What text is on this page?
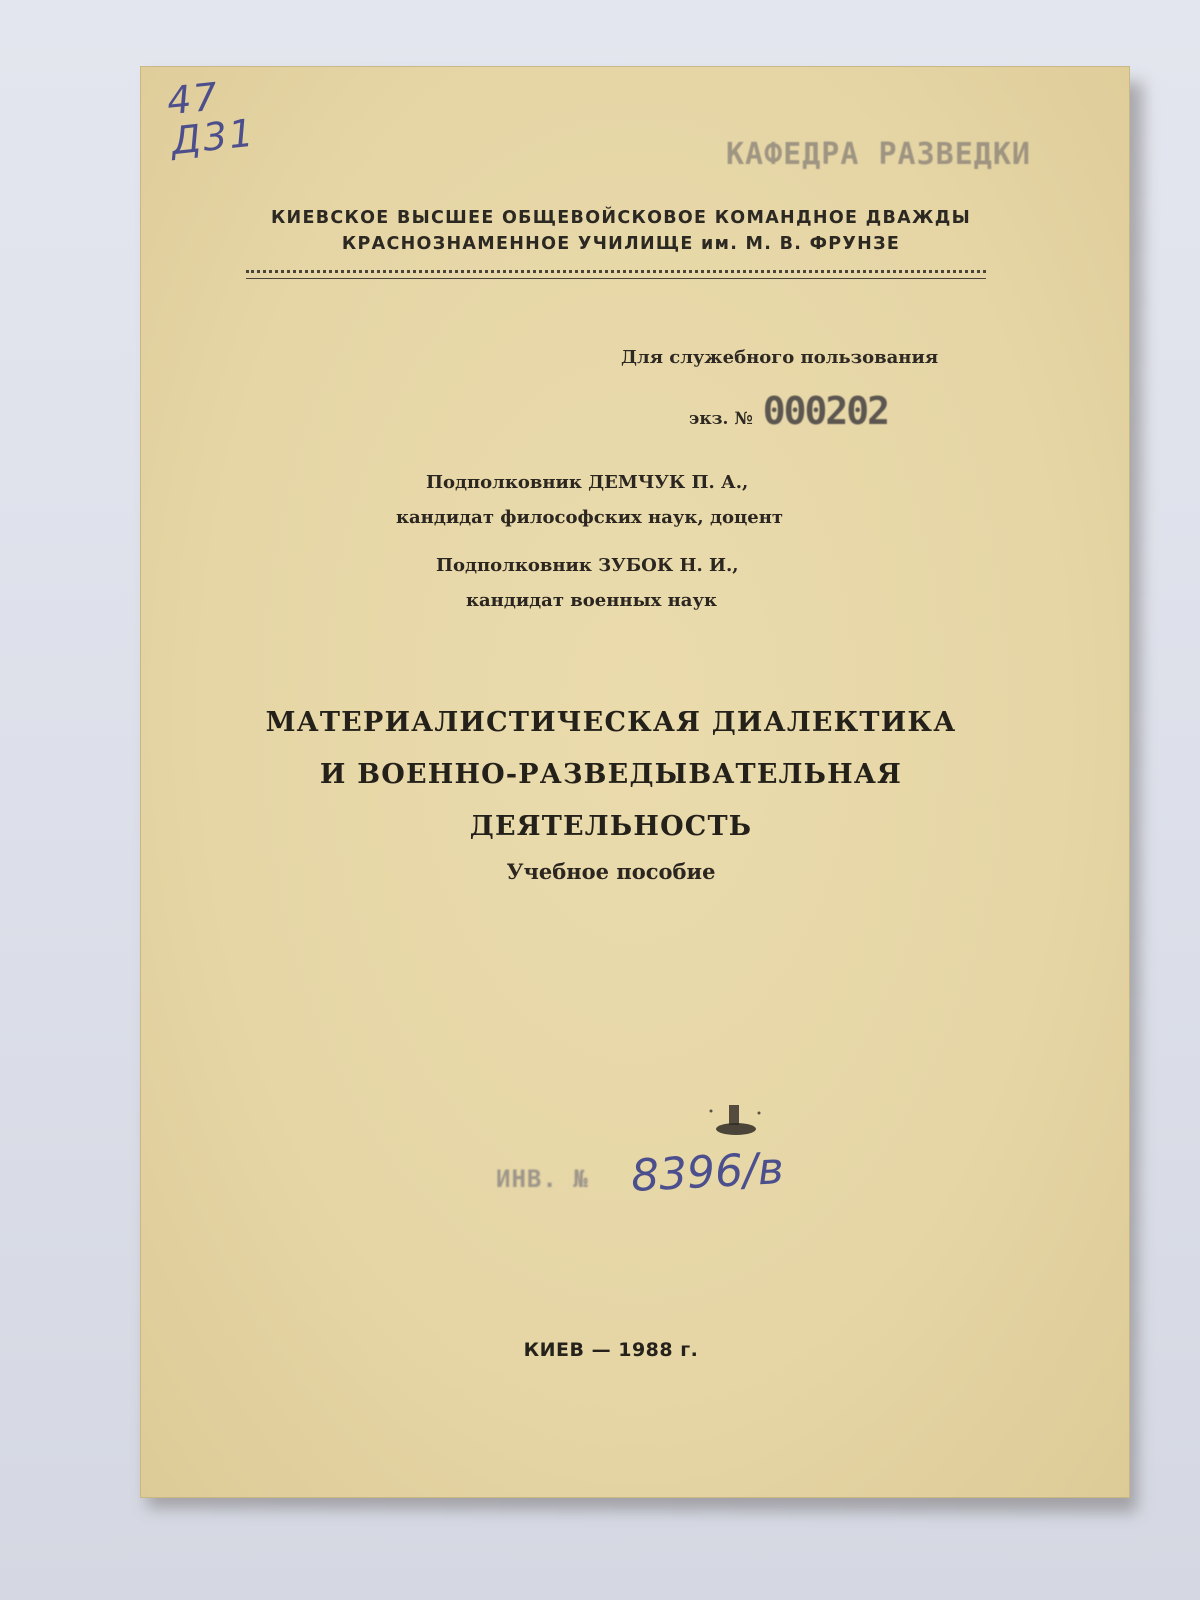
47
Д31	КАФЕДРА РАЗВЕДКИ
КИЕВСКОЕ ВЫСШЕЕ ОБЩЕВОЙСКОВОЕ КОМАНДНОЕ ДВАЖДЫ
КРАСНОЗНАМЕННОЕ УЧИЛИЩЕ им. М. В. ФРУНЗЕ
Для служебного пользования
экз. № 000202
Подполковник ДЕМЧУК П. А.,
кандидат философских наук, доцент
Подполковник ЗУБОК Н. И.,
кандидат военных наук
МАТЕРИАЛИСТИЧЕСКАЯ ДИАЛЕКТИКА
И ВОЕННО-РАЗВЕДЫВАТЕЛЬНАЯ
ДЕЯТЕЛЬНОСТЬ
Учебное пособие
ИНВ. № 8396/в
КИЕВ — 1988 г.
